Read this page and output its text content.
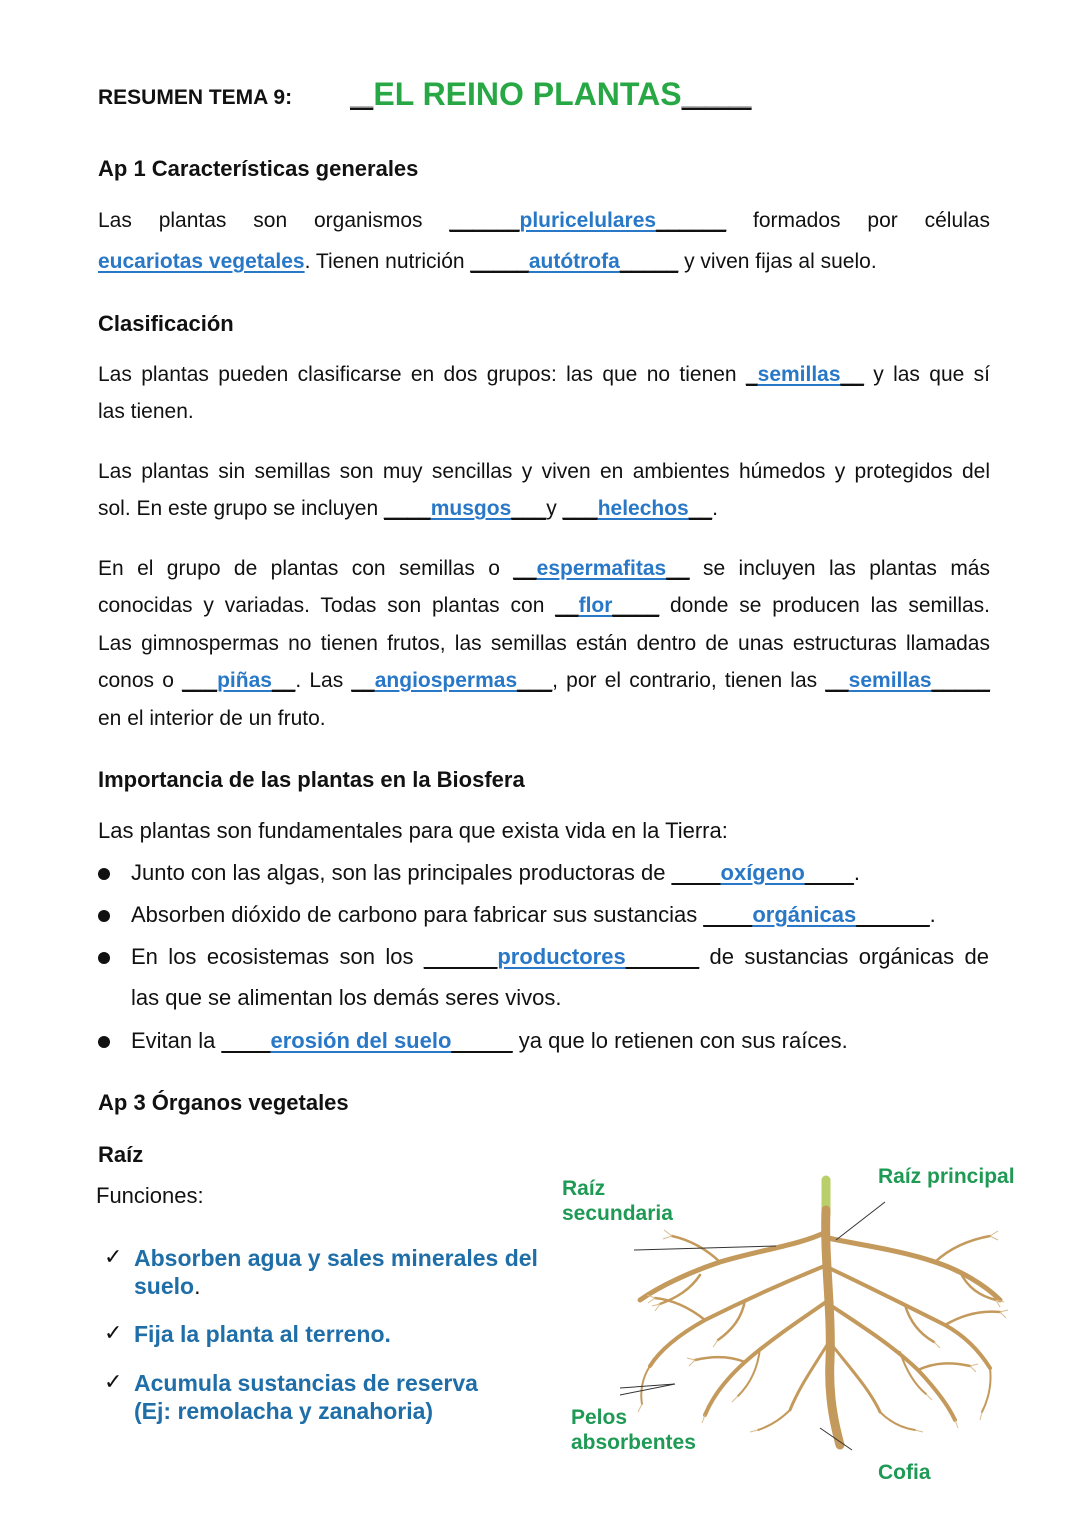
RESUMEN TEMA 9:	__EL REINO PLANTAS______
Ap 1 Características generales
Las plantas son organismos ______pluricelulares______ formados por células
eucariotas vegetales. Tienen nutrición _____autótrofa_____ y viven fijas al suelo.
Clasificación
Las plantas pueden clasificarse en dos grupos: las que no tienen _semillas__ y las que sí
las tienen.
Las plantas sin semillas son muy sencillas y viven en ambientes húmedos y protegidos del
sol. En este grupo se incluyen ____musgos___y ___helechos__.
En el grupo de plantas con semillas o __espermafitas__ se incluyen las plantas más
conocidas y variadas. Todas son plantas con __flor____ donde se producen las semillas.
Las gimnospermas no tienen frutos, las semillas están dentro de unas estructuras llamadas
conos o ___piñas__. Las __angiospermas___, por el contrario, tienen las __semillas_____
en el interior de un fruto.
Importancia de las plantas en la Biosfera
Las plantas son fundamentales para que exista vida en la Tierra:
Junto con las algas, son las principales productoras de ____oxígeno____.
Absorben dióxido de carbono para fabricar sus sustancias ____orgánicas______.
En los ecosistemas son los ______productores______ de sustancias orgánicas de
las que se alimentan los demás seres vivos.
Evitan la ____erosión del suelo_____ ya que lo retienen con sus raíces.
Ap 3 Órganos vegetales
Raíz
Funciones:
✓ Absorben agua y sales minerales del
suelo.
✓ Fija la planta al terreno.
✓ Acumula sustancias de reserva
(Ej: remolacha y zanahoria)
Raíz
secundaria
Raíz principal
Pelos
absorbentes
Cofia
